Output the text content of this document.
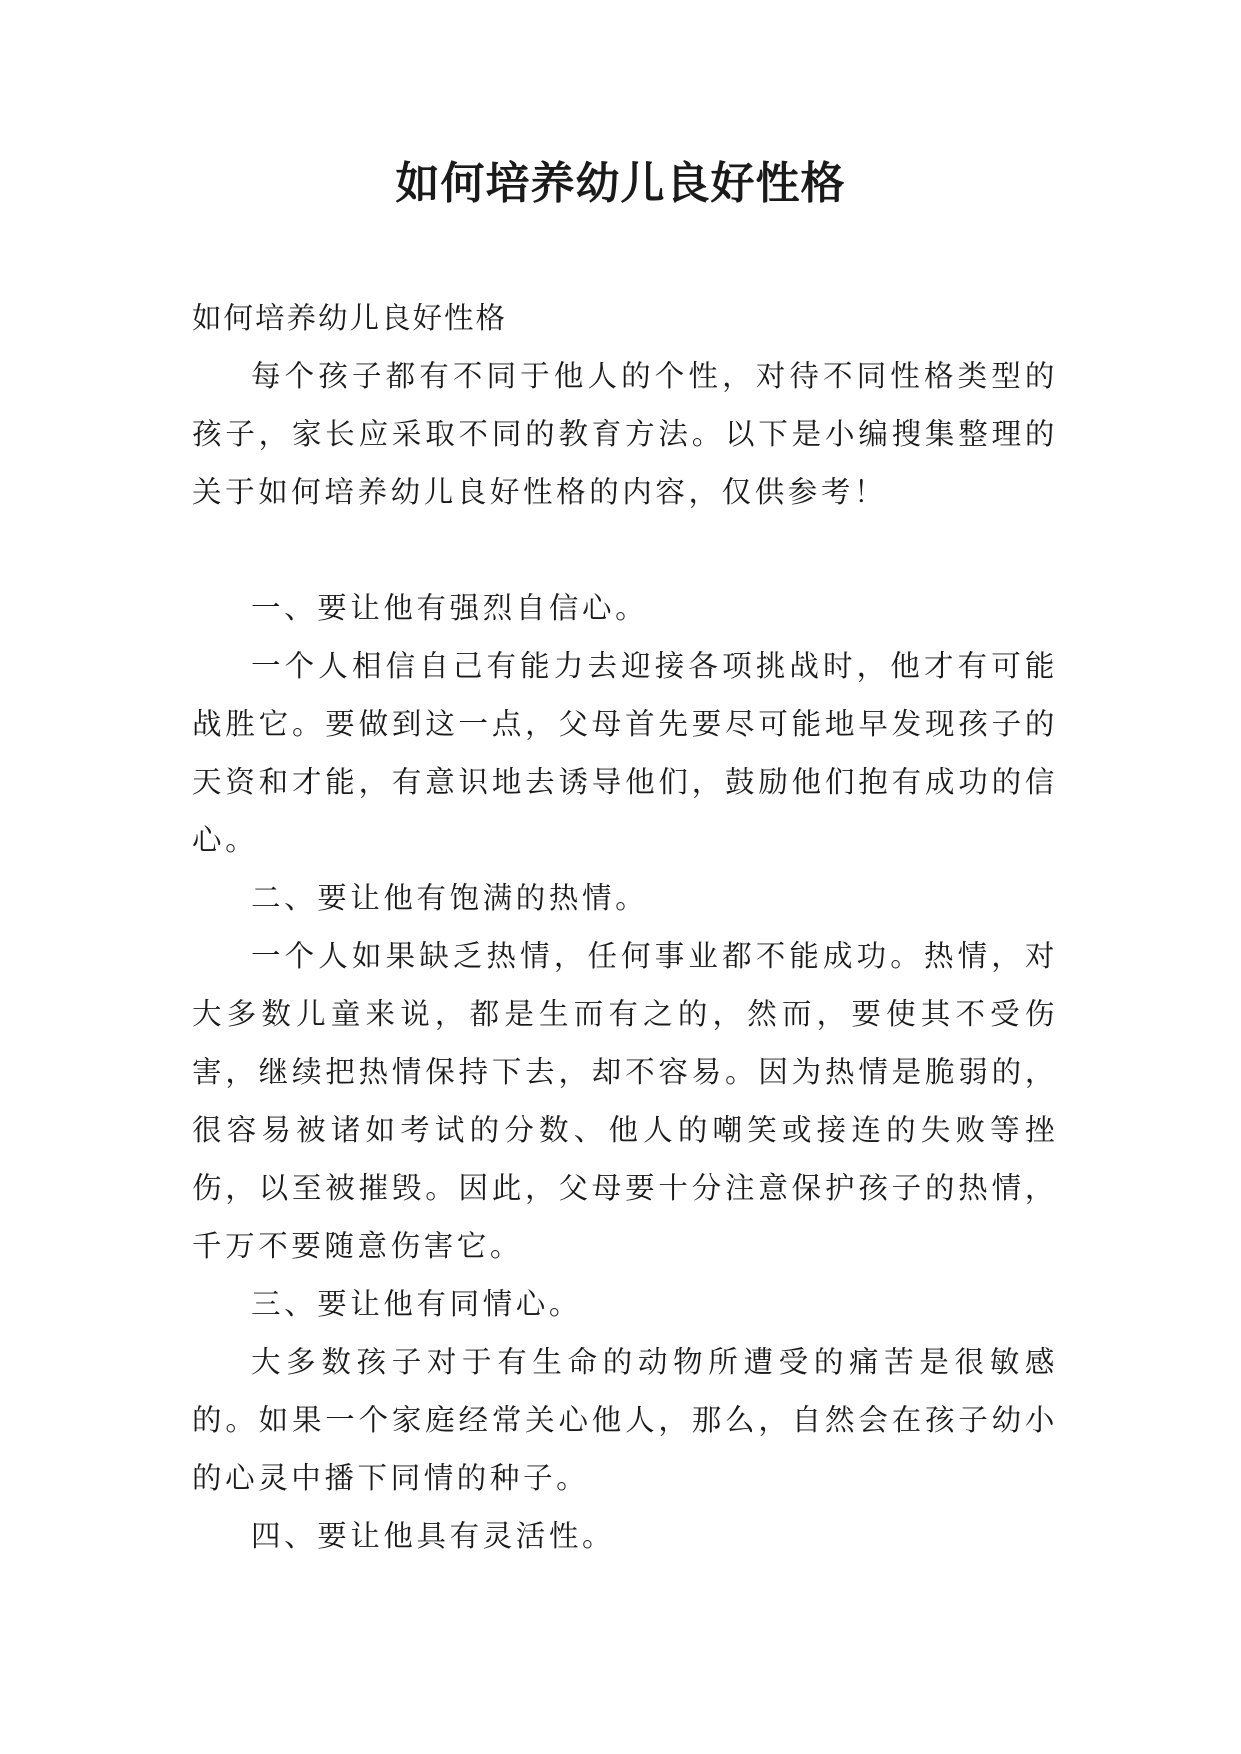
如何培养幼儿良好性格

如何培养幼儿良好性格

每个孩子都有不同于他人的个性，对待不同性格类型的孩子，家长应采取不同的教育方法。以下是小编搜集整理的关于如何培养幼儿良好性格的内容，仅供参考！

一、要让他有强烈自信心。

一个人相信自己有能力去迎接各项挑战时，他才有可能战胜它。要做到这一点，父母首先要尽可能地早发现孩子的天资和才能，有意识地去诱导他们，鼓励他们抱有成功的信心。

二、要让他有饱满的热情。

一个人如果缺乏热情，任何事业都不能成功。热情，对大多数儿童来说，都是生而有之的，然而，要使其不受伤害，继续把热情保持下去，却不容易。因为热情是脆弱的，很容易被诸如考试的分数、他人的嘲笑或接连的失败等挫伤，以至被摧毁。因此，父母要十分注意保护孩子的热情，千万不要随意伤害它。

三、要让他有同情心。

大多数孩子对于有生命的动物所遭受的痛苦是很敏感的。如果一个家庭经常关心他人，那么，自然会在孩子幼小的心灵中播下同情的种子。

四、要让他具有灵活性。
